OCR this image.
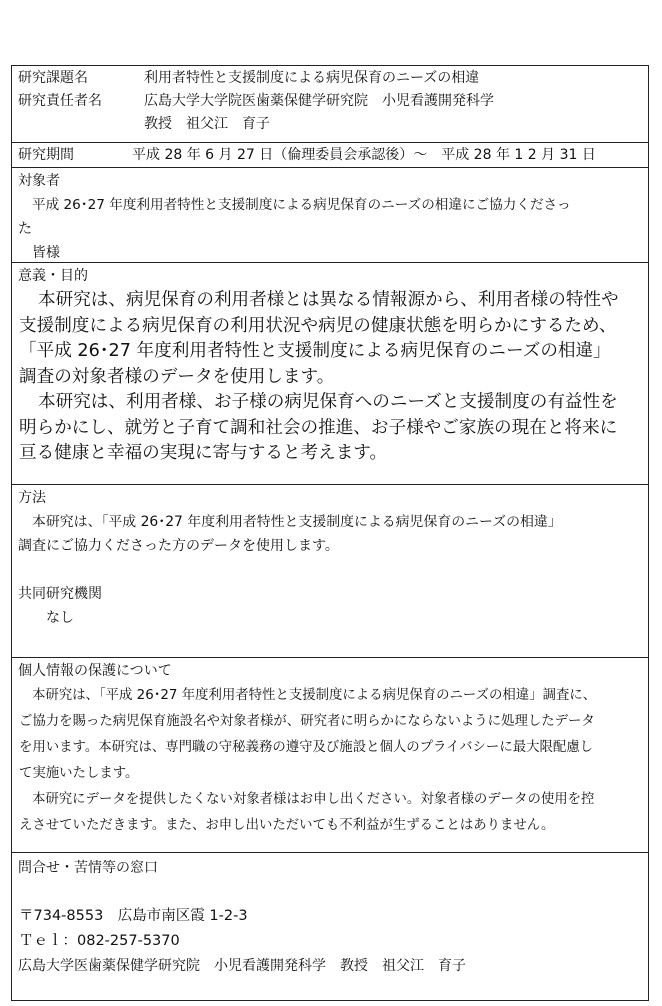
研究課題名	利用者特性と支援制度による病児保育のニーズの相違
研究責任者名	広島大学大学院医歯薬保健学研究院　小児看護開発科学
教授　祖父江　育子
研究期間	平成 28 年 6 月 27 日（倫理委員会承認後）～　平成 28 年 1 2 月 31 日
対象者
平成 26･27 年度利用者特性と支援制度による病児保育のニーズの相違にご協力くださっ
た
皆様
意義・目的
本研究は、病児保育の利用者様とは異なる情報源から、利用者様の特性や
支援制度による病児保育の利用状況や病児の健康状態を明らかにするため、
「平成 26･27 年度利用者特性と支援制度による病児保育のニーズの相違」
調査の対象者様のデータを使用します。
本研究は、利用者様、お子様の病児保育へのニーズと支援制度の有益性を
明らかにし、就労と子育て調和社会の推進、お子様やご家族の現在と将来に
亘る健康と幸福の実現に寄与すると考えます。
方法
本研究は、「平成 26･27 年度利用者特性と支援制度による病児保育のニーズの相違」
調査にご協力くださった方のデータを使用します。

共同研究機関
なし
個人情報の保護について
本研究は、「平成 26･27 年度利用者特性と支援制度による病児保育のニーズの相違」調査に、
ご協力を賜った病児保育施設名や対象者様が、研究者に明らかにならないように処理したデータ
を用います。本研究は、専門職の守秘義務の遵守及び施設と個人のプライバシーに最大限配慮し
て実施いたします。
本研究にデータを提供したくない対象者様はお申し出ください。対象者様のデータの使用を控
えさせていただきます。また、お申し出いただいても不利益が生ずることはありません。
問合せ・苦情等の窓口

〒734-8553　広島市南区霞 1-2-3
Ｔｅｌ：082-257-5370
広島大学医歯薬保健学研究院　小児看護開発科学　教授　祖父江　育子
